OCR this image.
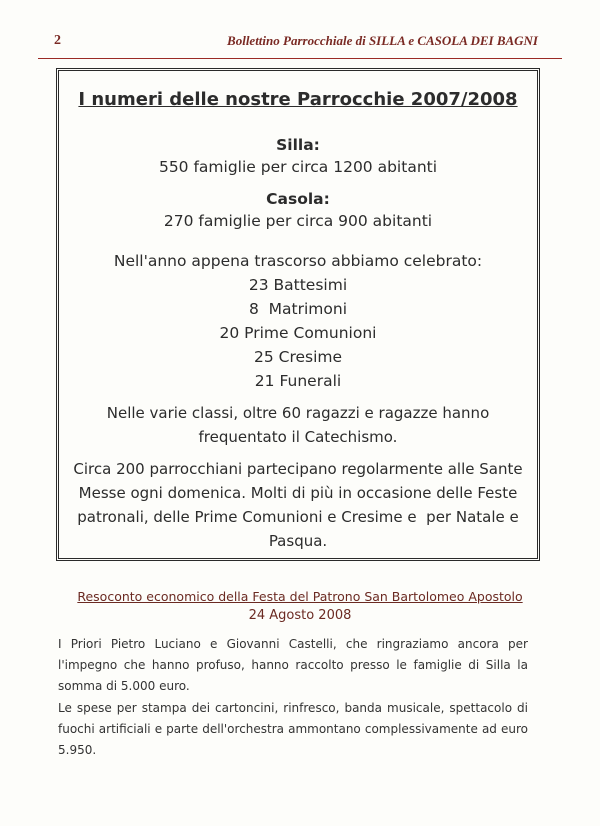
2	Bollettino Parrocchiale di SILLA e CASOLA DEI BAGNI
I numeri delle nostre Parrocchie 2007/2008
Silla:
550 famiglie per circa 1200 abitanti
Casola:
270 famiglie per circa 900 abitanti
Nell'anno appena trascorso abbiamo celebrato:
23 Battesimi
8  Matrimoni
20 Prime Comunioni
25 Cresime
21 Funerali
Nelle varie classi, oltre 60 ragazzi e ragazze hanno frequentato il Catechismo.
Circa 200 parrocchiani partecipano regolarmente alle Sante Messe ogni domenica. Molti di più in occasione delle Feste patronali, delle Prime Comunioni e Cresime e  per Natale e Pasqua.
Resoconto economico della Festa del Patrono San Bartolomeo Apostolo
24 Agosto 2008
I Priori Pietro Luciano e Giovanni Castelli, che ringraziamo ancora per l'impegno che hanno profuso, hanno raccolto presso le famiglie di Silla la somma di 5.000 euro.
Le spese per stampa dei cartoncini, rinfresco, banda musicale, spettacolo di fuochi artificiali e parte dell'orchestra ammontano complessivamente ad euro 5.950.
